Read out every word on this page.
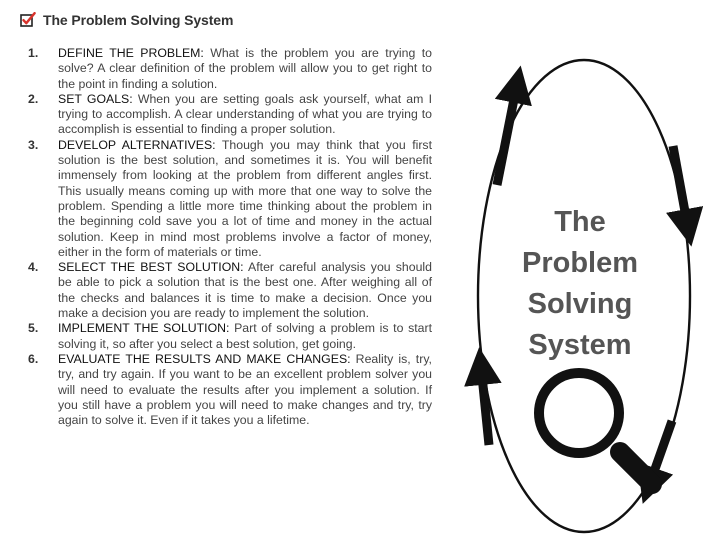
The Problem Solving System
1.	DEFINE THE PROBLEM: What is the problem you are trying to solve? A clear definition of the problem will allow you to get right to the point in finding a solution.
2.	SET GOALS: When you are setting goals ask yourself, what am I trying to accomplish. A clear understanding of what you are trying to accomplish is essential to finding a proper solution.
3.	DEVELOP ALTERNATIVES: Though you may think that you first solution is the best solution, and sometimes it is. You will benefit immensely from looking at the problem from different angles first. This usually means coming up with more that one way to solve the problem. Spending a little more time thinking about the problem in the beginning cold save you a lot of time and money in the actual solution. Keep in mind most problems involve a factor of money, either in the form of materials or time.
4.	SELECT THE BEST SOLUTION: After careful analysis you should be able to pick a solution that is the best one. After weighing all of the checks and balances it is time to make a decision. Once you make a decision you are ready to implement the solution.
5.	IMPLEMENT THE SOLUTION: Part of solving a problem is to start solving it, so after you select a best solution, get going.
6.	EVALUATE THE RESULTS AND MAKE CHANGES: Reality is, try, try, and try again. If you want to be an excellent problem solver you will need to evaluate the results after you implement a solution. If you still have a problem you will need to make changes and try, try again to solve it. Even if it takes you a lifetime.

The
Problem
Solving
System
